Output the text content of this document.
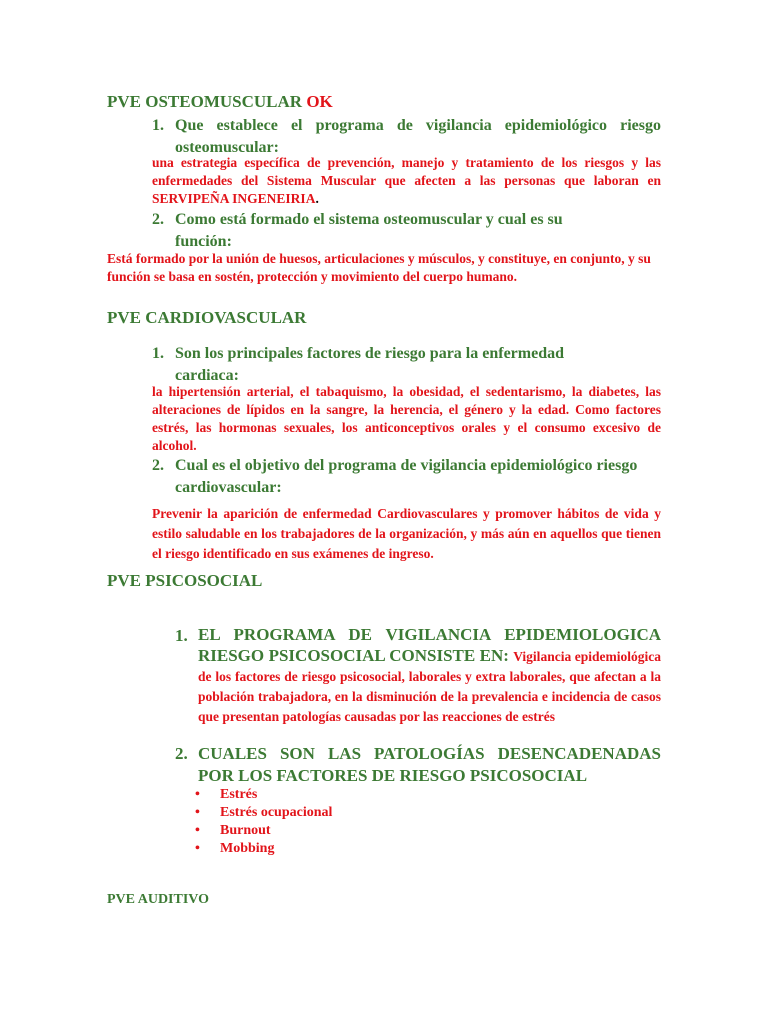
PVE OSTEOMUSCULAR OK
1. Que establece el programa de vigilancia epidemiológico riesgo osteomuscular:
una estrategia específica de prevención, manejo y tratamiento de los riesgos y las enfermedades del Sistema Muscular que afecten a las personas que laboran en SERVIPEÑA INGENEIRIA.
2. Como está formado el sistema osteomuscular y cual es su función:
Está formado por la unión de huesos, articulaciones y músculos, y constituye, en conjunto, y su función se basa en sostén, protección y movimiento del cuerpo humano.
PVE CARDIOVASCULAR
1. Son los principales factores de riesgo para la enfermedad cardiaca:
la hipertensión arterial, el tabaquismo, la obesidad, el sedentarismo, la diabetes, las alteraciones de lípidos en la sangre, la herencia, el género y la edad. Como factores estrés, las hormonas sexuales, los anticonceptivos orales y el consumo excesivo de alcohol.
2. Cual es el objetivo del programa de vigilancia epidemiológico riesgo cardiovascular:
Prevenir la aparición de enfermedad Cardiovasculares y promover hábitos de vida y estilo saludable en los trabajadores de la organización, y más aún en aquellos que tienen el riesgo identificado en sus exámenes de ingreso.
PVE PSICOSOCIAL
1. EL PROGRAMA DE VIGILANCIA EPIDEMIOLOGICA RIESGO PSICOSOCIAL CONSISTE EN: Vigilancia epidemiológica de los factores de riesgo psicosocial, laborales y extra laborales, que afectan a la población trabajadora, en la disminución de la prevalencia e incidencia de casos que presentan patologías causadas por las reacciones de estrés
2. CUALES SON LAS PATOLOGÍAS DESENCADENADAS POR LOS FACTORES DE RIESGO PSICOSOCIAL
• Estrés
• Estrés ocupacional
• Burnout
• Mobbing
PVE AUDITIVO
